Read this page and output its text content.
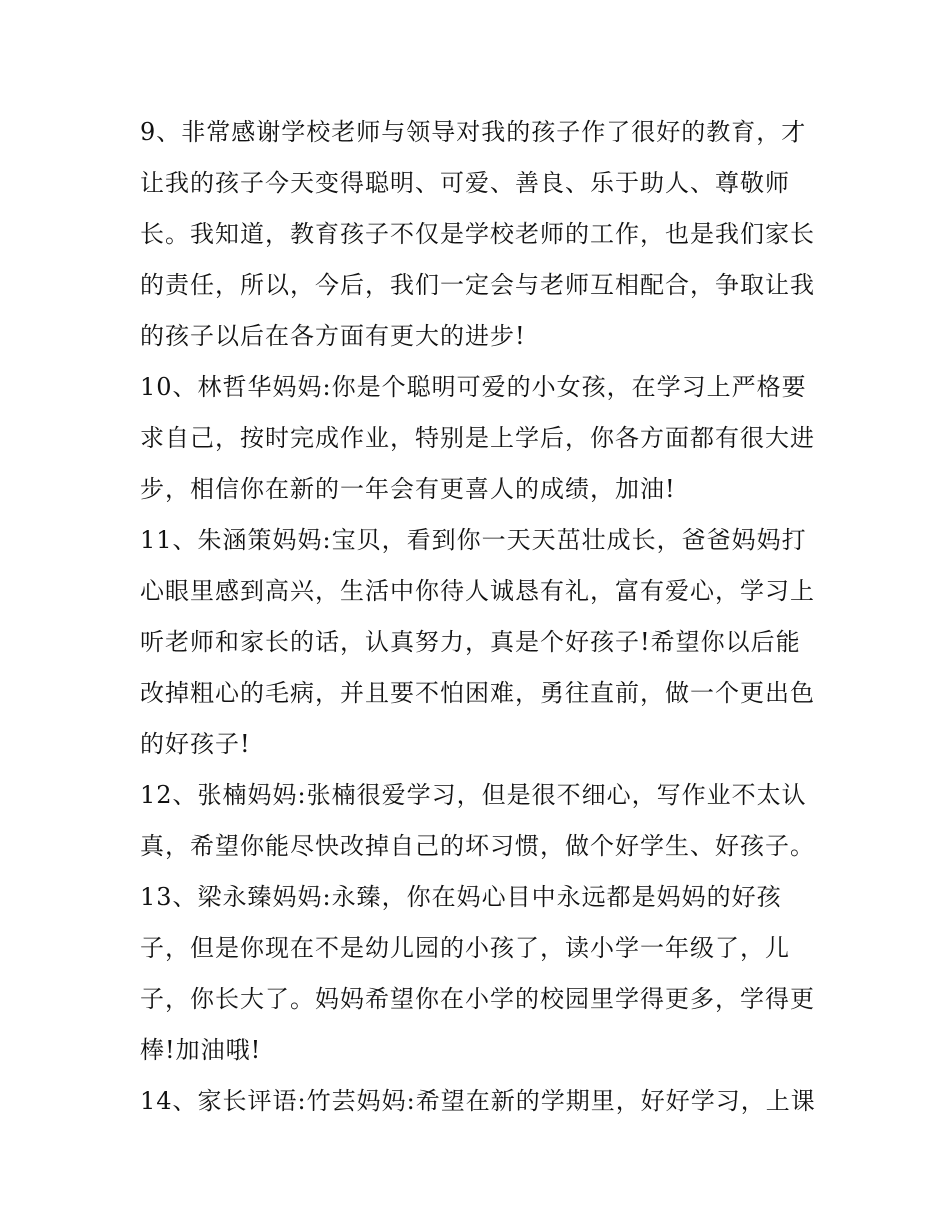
9、非常感谢学校老师与领导对我的孩子作了很好的教育，才让我的孩子今天变得聪明、可爱、善良、乐于助人、尊敬师长。我知道，教育孩子不仅是学校老师的工作，也是我们家长的责任，所以，今后，我们一定会与老师互相配合，争取让我的孩子以后在各方面有更大的进步!

10、林哲华妈妈:你是个聪明可爱的小女孩，在学习上严格要求自己，按时完成作业，特别是上学后，你各方面都有很大进步，相信你在新的一年会有更喜人的成绩，加油!

11、朱涵策妈妈:宝贝，看到你一天天茁壮成长，爸爸妈妈打心眼里感到高兴，生活中你待人诚恳有礼，富有爱心，学习上听老师和家长的话，认真努力，真是个好孩子!希望你以后能改掉粗心的毛病，并且要不怕困难，勇往直前，做一个更出色的好孩子!

12、张楠妈妈:张楠很爱学习，但是很不细心，写作业不太认真，希望你能尽快改掉自己的坏习惯，做个好学生、好孩子。

13、梁永臻妈妈:永臻，你在妈心目中永远都是妈妈的好孩子，但是你现在不是幼儿园的小孩了，读小学一年级了，儿子，你长大了。妈妈希望你在小学的校园里学得更多，学得更棒!加油哦!

14、家长评语:竹芸妈妈:希望在新的学期里，好好学习，上课
